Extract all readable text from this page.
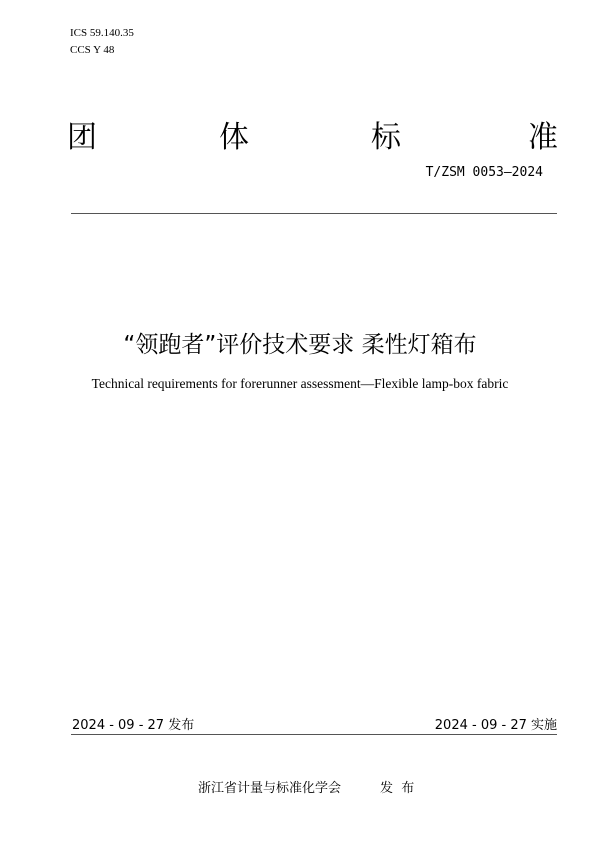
ICS 59.140.35
CCS Y 48
团	体	标	准
T/ZSM 0053—2024
“领跑者”评价技术要求 柔性灯箱布
Technical requirements for forerunner assessment—Flexible lamp-box fabric
2024 - 09 - 27 发布	2024 - 09 - 27 实施
浙江省计量与标准化学会	发  布
